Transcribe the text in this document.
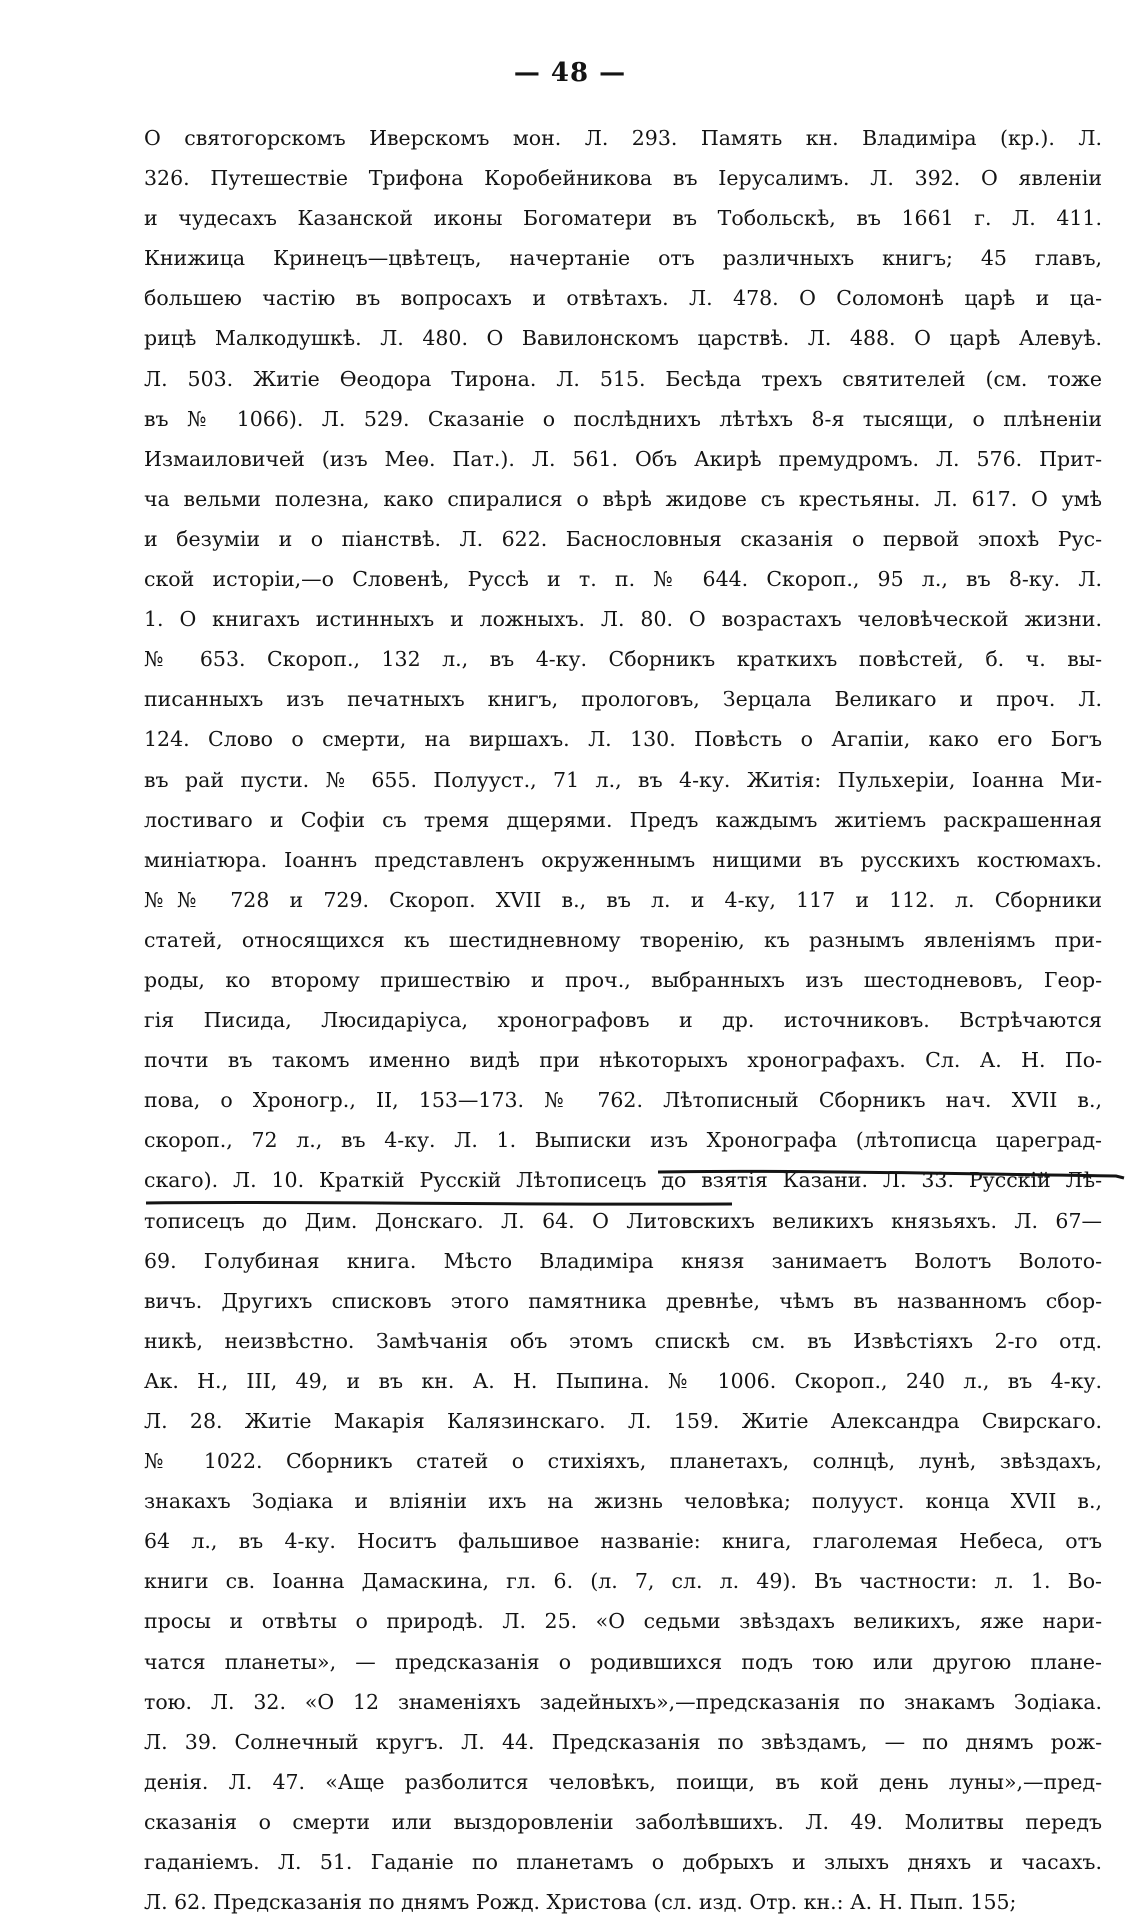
— 48 —
О святогорскомъ Иверскомъ мон. Л. 293. Память кн. Владиміра (кр.). Л.
326. Путешествіе Трифона Коробейникова въ Іерусалимъ. Л. 392. О явленіи
и чудесахъ Казанской иконы Богоматери въ Тобольскѣ, въ 1661 г. Л. 411.
Книжица Кринецъ—цвѣтецъ, начертаніе отъ различныхъ книгъ; 45 главъ,
большею частію въ вопросахъ и отвѣтахъ. Л. 478. О Соломонѣ царѣ и ца-
рицѣ Малкодушкѣ. Л. 480. О Вавилонскомъ царствѣ. Л. 488. О царѣ Алевуѣ.
Л. 503. Житіе Ѳеодора Тирона. Л. 515. Бесѣда трехъ святителей (см. тоже
въ № 1066). Л. 529. Сказаніе о послѣднихъ лѣтѣхъ 8-я тысящи, о плѣненіи
Измаиловичей (изъ Меѳ. Пат.). Л. 561. Объ Акирѣ премудромъ. Л. 576. Прит-
ча вельми полезна, како спиралися о вѣрѣ жидове съ крестьяны. Л. 617. О умѣ
и безуміи и о піанствѣ. Л. 622. Баснословныя сказанія о первой эпохѣ Рус-
ской исторіи,—о Словенѣ, Руссѣ и т. п. № 644. Скороп., 95 л., въ 8-ку. Л.
1. О книгахъ истинныхъ и ложныхъ. Л. 80. О возрастахъ человѣческой жизни.
№ 653. Скороп., 132 л., въ 4-ку. Сборникъ краткихъ повѣстей, б. ч. вы-
писанныхъ изъ печатныхъ книгъ, прологовъ, Зерцала Великаго и проч. Л.
124. Слово о смерти, на виршахъ. Л. 130. Повѣсть о Агапіи, како его Богъ
въ рай пусти. № 655. Полууст., 71 л., въ 4-ку. Житія: Пульхеріи, Іоанна Ми-
лостиваго и Софіи съ тремя дщерями. Предъ каждымъ житіемъ раскрашенная
миніатюра. Іоаннъ представленъ окруженнымъ нищими въ русскихъ костюмахъ.
№№ 728 и 729. Скороп. XVII в., въ л. и 4-ку, 117 и 112. л. Сборники
статей, относящихся къ шестидневному творенію, къ разнымъ явленіямъ при-
роды, ко второму пришествію и проч., выбранныхъ изъ шестодневовъ, Геор-
гія Писида, Люсидаріуса, хронографовъ и др. источниковъ. Встрѣчаются
почти въ такомъ именно видѣ при нѣкоторыхъ хронографахъ. Сл. А. Н. По-
пова, о Хроногр., II, 153—173. № 762. Лѣтописный Сборникъ нач. XVII в.,
скороп., 72 л., въ 4-ку. Л. 1. Выписки изъ Хронографа (лѣтописца цареград-
скаго). Л. 10. Краткій Русскій Лѣтописецъ до взятія Казани. Л. 33. Русскій Лѣ-
тописецъ до Дим. Донскаго. Л. 64. О Литовскихъ великихъ князьяхъ. Л. 67—
69. Голубиная книга. Мѣсто Владиміра князя занимаетъ Волотъ Волото-
вичъ. Другихъ списковъ этого памятника древнѣе, чѣмъ въ названномъ сбор-
никѣ, неизвѣстно. Замѣчанія объ этомъ спискѣ см. въ Извѣстіяхъ 2-го отд.
Ак. Н., III, 49, и въ кн. А. Н. Пыпина. № 1006. Скороп., 240 л., въ 4-ку.
Л. 28. Житіе Макарія Калязинскаго. Л. 159. Житіе Александра Свирскаго.
№ 1022. Сборникъ статей о стихіяхъ, планетахъ, солнцѣ, лунѣ, звѣздахъ,
знакахъ Зодіака и вліяніи ихъ на жизнь человѣка; полууст. конца XVII в.,
64 л., въ 4-ку. Носитъ фальшивое названіе: книга, глаголемая Небеса, отъ
книги св. Іоанна Дамаскина, гл. 6. (л. 7, сл. л. 49). Въ частности: л. 1. Во-
просы и отвѣты о природѣ. Л. 25. «О седьми звѣздахъ великихъ, яже нари-
чатся планеты», — предсказанія о родившихся подъ тою или другою плане-
тою. Л. 32. «О 12 знаменіяхъ задейныхъ»,—предсказанія по знакамъ Зодіака.
Л. 39. Солнечный кругъ. Л. 44. Предсказанія по звѣздамъ, — по днямъ рож-
денія. Л. 47. «Аще разболится человѣкъ, поищи, въ кой день луны»,—пред-
сказанія о смерти или выздоровленіи заболѣвшихъ. Л. 49. Молитвы передъ
гаданіемъ. Л. 51. Гаданіе по планетамъ о добрыхъ и злыхъ дняхъ и часахъ.
Л. 62. Предсказанія по днямъ Рожд. Христова (сл. изд. Отр. кн.: А. Н. Пып. 155;
